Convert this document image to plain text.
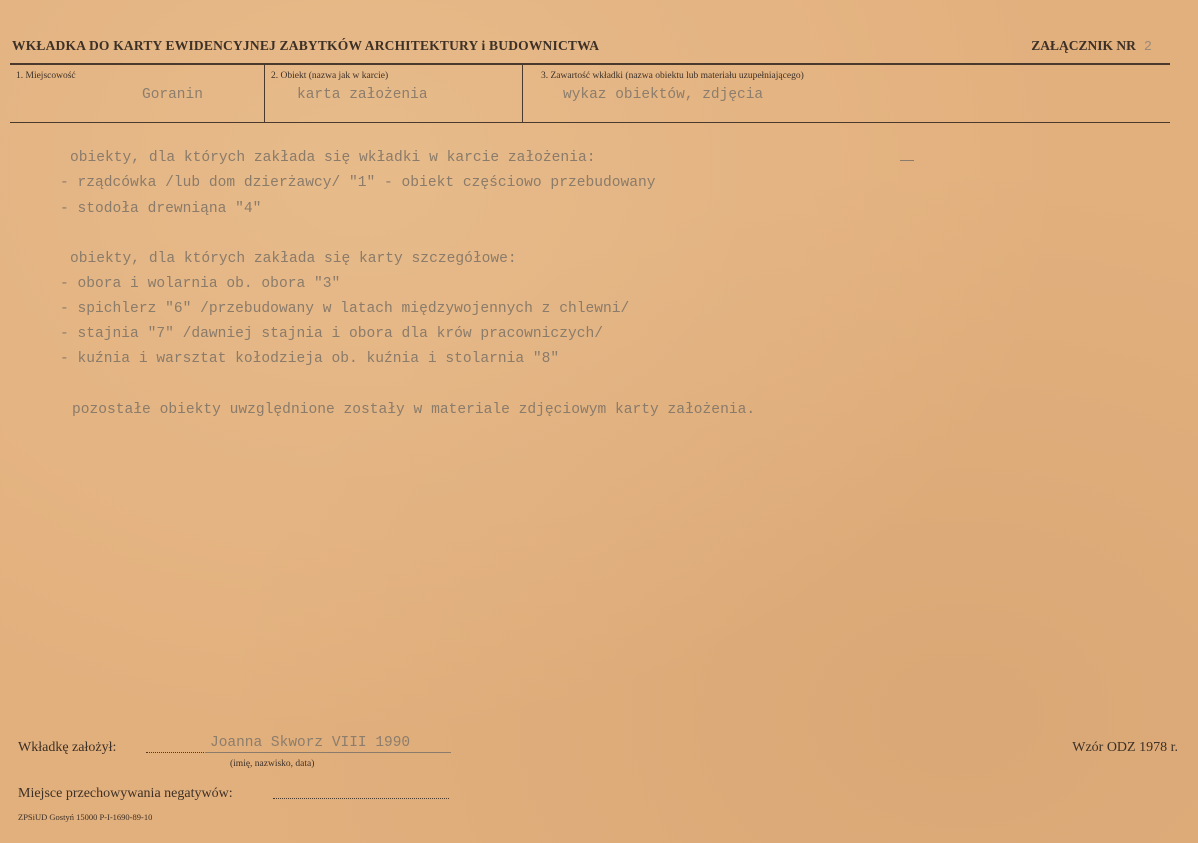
WKŁADKA DO KARTY EWIDENCYJNEJ ZABYTKÓW ARCHITEKTURY i BUDOWNICTWA	ZAŁĄCZNIK NR 2
1. Miejscowość
Goranin
2. Obiekt (nazwa jak w karcie)
karta założenia
3. Zawartość wkładki (nazwa obiektu lub materiału uzupełniającego)
wykaz obiektów, zdjęcia
obiekty, dla których zakłada się wkładki w karcie założenia:
- rządcówka /lub dom dzierżawcy/ "1" - obiekt częściowo przebudowany
- stodoła drewniąna "4"
obiekty, dla których zakłada się karty szczegółowe:
- obora i wolarnia ob. obora "3"
- spichlerz "6" /przebudowany w latach międzywojennych z chlewni/
- stajnia "7" /dawniej stajnia i obora dla krów pracowniczych/
- kuźnia i warsztat kołodzieja ob. kuźnia i stolarnia "8"
pozostałe obiekty uwzględnione zostały w materiale zdjęciowym karty założenia.
Wkładkę założył:	Joanna Skworz VIII 1990
(imię, nazwisko, data)
Wzór ODZ 1978 r.
Miejsce przechowywania negatywów:
ZPSiUD Gostyń 15000 P-I-1690-89-10
